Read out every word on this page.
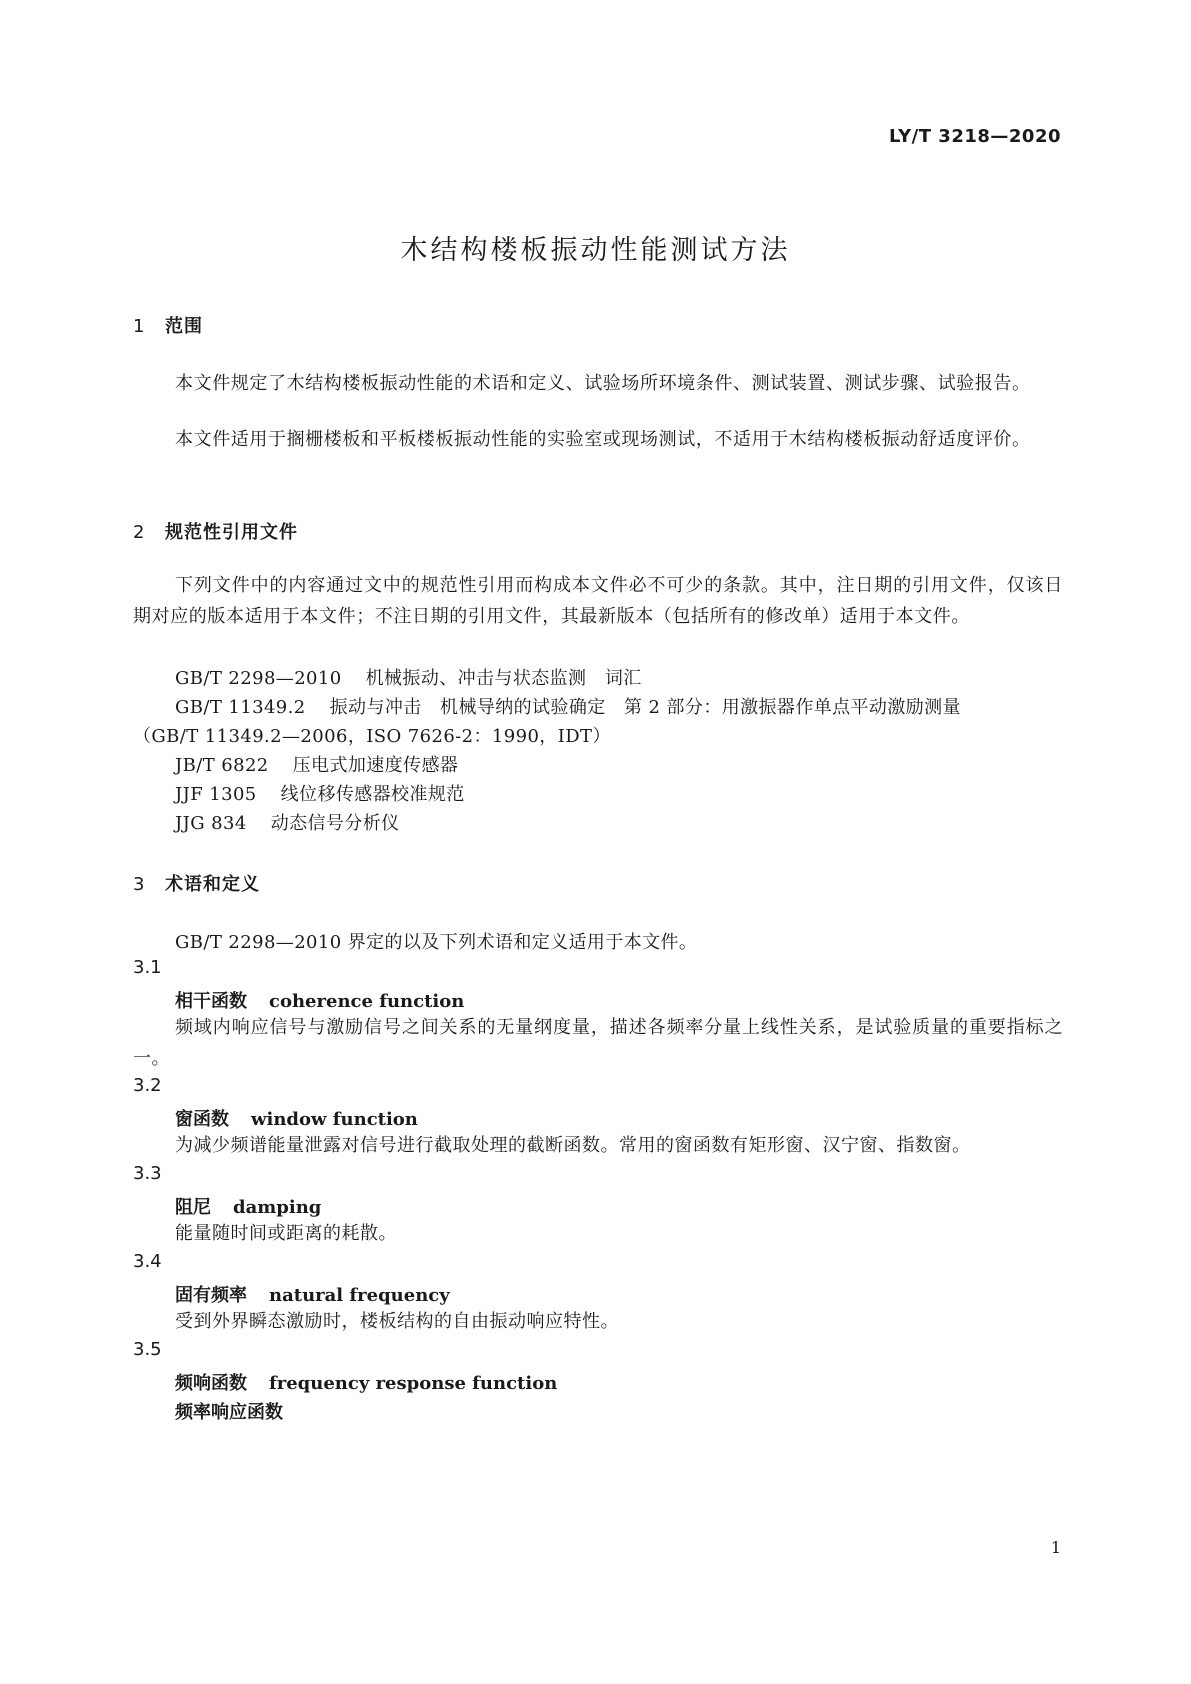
LY/T 3218—2020
木结构楼板振动性能测试方法
1 范围
本文件规定了木结构楼板振动性能的术语和定义、试验场所环境条件、测试装置、测试步骤、试验报告。
本文件适用于搁栅楼板和平板楼板振动性能的实验室或现场测试，不适用于木结构楼板振动舒适度评价。
2 规范性引用文件
下列文件中的内容通过文中的规范性引用而构成本文件必不可少的条款。其中，注日期的引用文件，仅该日期对应的版本适用于本文件；不注日期的引用文件，其最新版本（包括所有的修改单）适用于本文件。
GB/T 2298—2010 机械振动、冲击与状态监测　词汇
GB/T 11349.2 振动与冲击　机械导纳的试验确定　第 2 部分：用激振器作单点平动激励测量
（GB/T 11349.2—2006，ISO 7626-2：1990，IDT）
JB/T 6822 压电式加速度传感器
JJF 1305 线位移传感器校准规范
JJG 834 动态信号分析仪
3 术语和定义
GB/T 2298—2010 界定的以及下列术语和定义适用于本文件。
3.1
相干函数 coherence function
频域内响应信号与激励信号之间关系的无量纲度量，描述各频率分量上线性关系，是试验质量的重要指标之一。
3.2
窗函数 window function
为减少频谱能量泄露对信号进行截取处理的截断函数。常用的窗函数有矩形窗、汉宁窗、指数窗。
3.3
阻尼 damping
能量随时间或距离的耗散。
3.4
固有频率 natural frequency
受到外界瞬态激励时，楼板结构的自由振动响应特性。
3.5
频响函数 frequency response function
频率响应函数
1
